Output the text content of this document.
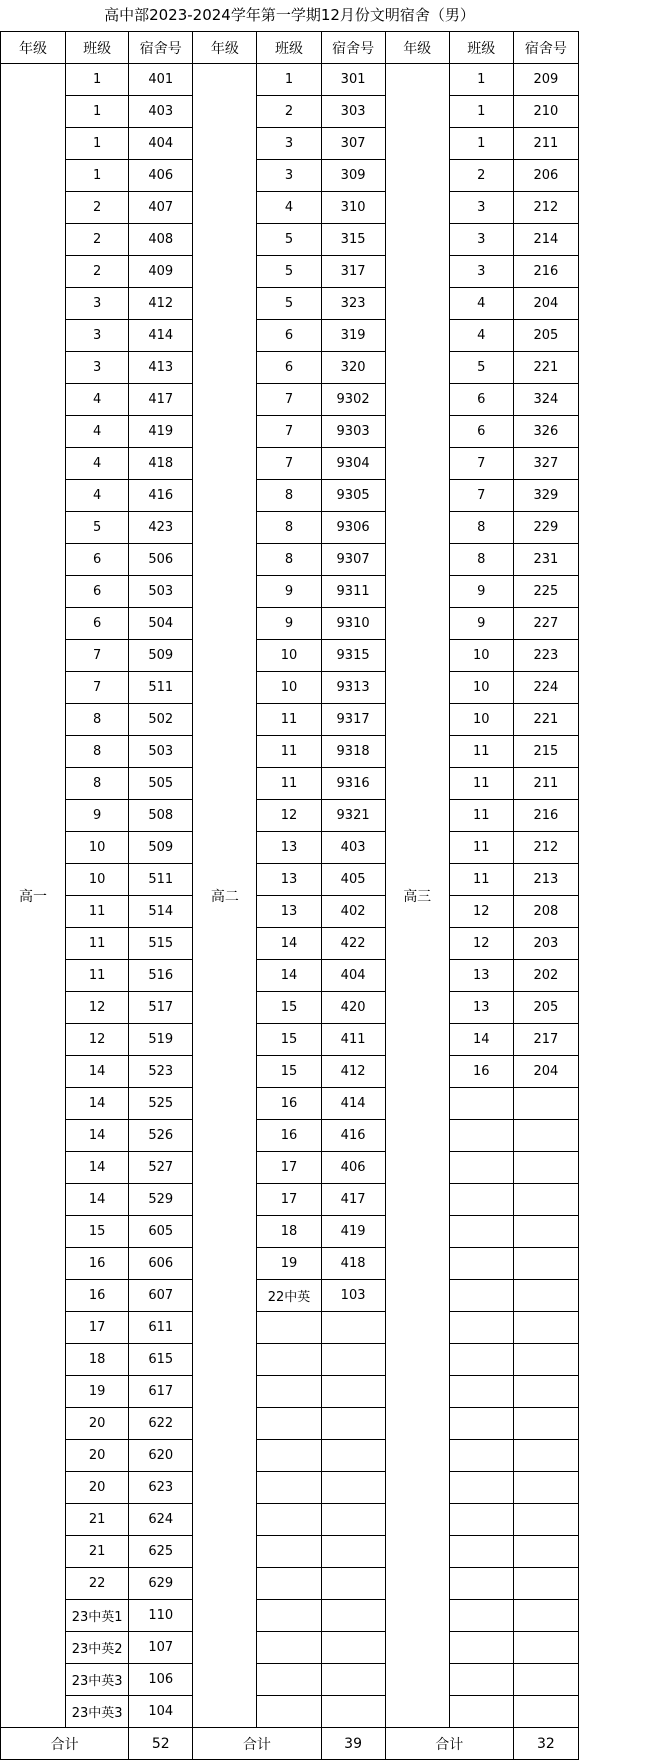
高中部2023-2024学年第一学期12月份文明宿舍（男）
年级	班级	宿舍号	年级	班级	宿舍号	年级	班级	宿舍号
高一	1	401	高二	1	301	高三	1	209
	1	403		2	303		1	210
	1	404		3	307		1	211
	1	406		3	309		2	206
	2	407		4	310		3	212
	2	408		5	315		3	214
	2	409		5	317		3	216
	3	412		5	323		4	204
	3	414		6	319		4	205
	3	413		6	320		5	221
	4	417		7	9302		6	324
	4	419		7	9303		6	326
	4	418		7	9304		7	327
	4	416		8	9305		7	329
	5	423		8	9306		8	229
	6	506		8	9307		8	231
	6	503		9	9311		9	225
	6	504		9	9310		9	227
	7	509		10	9315		10	223
	7	511		10	9313		10	224
	8	502		11	9317		10	221
	8	503		11	9318		11	215
	8	505		11	9316		11	211
	9	508		12	9321		11	216
	10	509		13	403		11	212
	10	511		13	405		11	213
	11	514		13	402		12	208
	11	515		14	422		12	203
	11	516		14	404		13	202
	12	517		15	420		13	205
	12	519		15	411		14	217
	14	523		15	412		16	204
	14	525		16	414			
	14	526		16	416			
	14	527		17	406			
	14	529		17	417			
	15	605		18	419			
	16	606		19	418			
	16	607		22中英	103			
	17	611						
	18	615						
	19	617						
	20	622						
	20	620						
	20	623						
	21	624						
	21	625						
	22	629						
	23中英1	110						
	23中英2	107						
	23中英3	106						
	23中英3	104						
合计		52	合计		39	合计		32
